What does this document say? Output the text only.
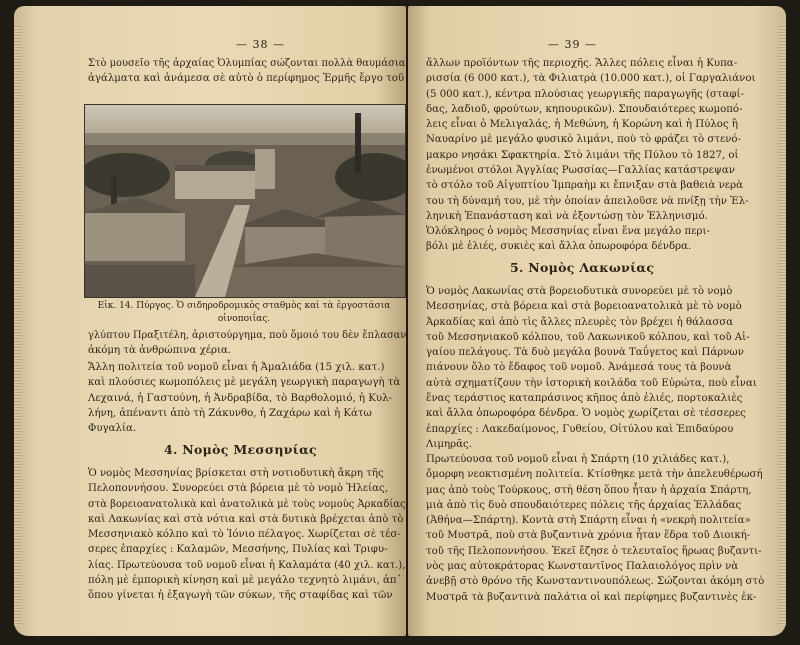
— 38 —
Στὸ μουσεῖο τῆς ἀρχαίας Ὀλυμπίας σώζονται πολλὰ θαυμάσια
ἀγάλματα καὶ ἀνάμεσα σὲ αὐτὸ ὁ περίφημος Ἑρμῆς ἔργο τοῦ
Εἰκ. 14. Πύργος. Ὁ σιδηροδρομικὸς σταθμὸς καὶ τὰ ἐργοστάσια οἰνοποιΐας.
γλύπτου Πραξιτέλη, ἀριστούργημα, ποὺ ὅμοιό του δὲν ἔπλασαν
ἀκόμη τὰ ἀνθρώπινα χέρια.
Ἄλλη πολιτεία τοῦ νομοῦ εἶναι ἡ Ἀμαλιάδα (15 χιλ. κατ.)
καὶ πλούσιες κωμοπόλεις μὲ μεγάλη γεωργικὴ παραγωγὴ τὰ
Λεχαινά, ἡ Γαστούνη, ἡ Ἀνδραβίδα, τὸ Βαρθολομιό, ἡ Κυλ-
λήνη, ἀπέναντι ἀπὸ τὴ Ζάκυνθο, ἡ Ζαχάρω καὶ ἡ Κάτω
Φυγαλία.
4. Νομὸς Μεσσηνίας
Ὁ νομὸς Μεσσηνίας βρίσκεται στὴ νοτιοδυτικὴ ἄκρη τῆς
Πελοποννήσου. Συνορεύει στὰ βόρεια μὲ τὸ νομὸ Ἠλείας,
στὰ βορειοανατολικὰ καὶ ἀνατολικὰ μὲ τοὺς νομοὺς Ἀρκαδίας
καὶ Λακωνίας καὶ στὰ νότια καὶ στὰ δυτικὰ βρέχεται ἀπὸ τὸ
Μεσσηνιακὸ κόλπο καὶ τὸ Ἰόνιο πέλαγος. Χωρίζεται σὲ τέσ-
σερες ἐπαρχίες : Καλαμῶν, Μεσσήνης, Πυλίας καὶ Τριφυ-
λίας. Πρωτεύουσα τοῦ νομοῦ εἶναι ἡ Καλαμάτα (40 χιλ. κατ.),
πόλη μὲ ἐμπορικὴ κίνηση καὶ μὲ μεγάλο τεχνητὸ λιμάνι, ἀπ᾽
ὅπου γίνεται ἡ ἐξαγωγὴ τῶν σύκων, τῆς σταφίδας καὶ τῶν
— 39 —
ἄλλων προϊόντων τῆς περιοχῆς. Ἄλλες πόλεις εἶναι ἡ Κυπα-
ρισσία (6 000 κατ.), τὰ Φιλιατρὰ (10.000 κατ.), οἱ Γαργαλιάνοι
(5 000 κατ.), κέντρα πλούσιας γεωργικῆς παραγωγῆς (σταφί-
δας, λαδιοῦ, φρούτων, κηπουρικῶν). Σπουδαιότερες κωμοπό-
λεις εἶναι ὁ Μελιγαλάς, ἡ Μεθώνη, ἡ Κορώνη καὶ ἡ Πύλος ἢ
Ναυαρίνο μὲ μεγάλο φυσικὸ λιμάνι, ποὺ τὸ φράζει τὸ στενό-
μακρο νησάκι Σφακτηρία. Στὸ λιμάνι τῆς Πύλου τὸ 1827, οἱ
ἑνωμένοι στόλοι Ἀγγλίας Ρωσσίας—Γαλλίας κατάστρεψαν
τὸ στόλο τοῦ Αἰγυπτίου Ἰμπραὴμ κι ἔπνιξαν στὰ βαθειὰ νερὰ
του τὴ δύναμή του, μὲ τὴν ὁποίαν ἀπειλοῦσε νὰ πνίξῃ τὴν Ἑλ-
ληνικὴ Ἐπανάσταση καὶ νὰ ἐξοντώσῃ τὸν Ἑλληνισμό.
Ὁλόκληρος ὁ νομὸς Μεσσηνίας εἶναι ἕνα μεγάλο περι-
βόλι μὲ ἐλιές, συκιὲς καὶ ἄλλα ὀπωροφόρα δένδρα.
5. Νομὸς Λακωνίας
Ὁ νομὸς Λακωνίας στὰ βορειοδυτικὰ συνορεύει μὲ τὸ νομὸ
Μεσσηνίας, στὰ βόρεια καὶ στὰ βορειοανατολικὰ μὲ τὸ νομὸ
Ἀρκαδίας καὶ ἀπὸ τὶς ἄλλες πλευρὲς τὸν βρέχει ἡ θάλασσα
τοῦ Μεσσηνιακοῦ κόλπου, τοῦ Λακωνικοῦ κόλπου, καὶ τοῦ Αἰ-
γαίου πελάγους. Τὰ δυὸ μεγάλα βουνὰ Ταΰγετος καὶ Πάρνων
πιάνουν ὅλο τὸ ἔδαφος τοῦ νομοῦ. Ἀνάμεσά τους τὰ βουνὰ
αὐτὰ σχηματίζουν τὴν ἱστορικὴ κοιλάδα τοῦ Εὐρώτα, ποὺ εἶναι
ἕνας τεράστιος καταπράσινος κῆπος ἀπὸ ἐλιές, πορτοκαλιὲς
καὶ ἄλλα ὀπωροφόρα δένδρα. Ὁ νομὸς χωρίζεται σὲ τέσσερες
ἐπαρχίες : Λακεδαίμονος, Γυθείου, Οἰτύλου καὶ Ἐπιδαύρου
Λιμηρᾶς.
Πρωτεύουσα τοῦ νομοῦ εἶναι ἡ Σπάρτη (10 χιλιάδες κατ.),
ὄμορφη νεοκτισμένη πολιτεία. Κτίσθηκε μετὰ τὴν ἀπελευθέρωσή
μας ἀπὸ τοὺς Τούρκους, στὴ θέση ὅπου ἦταν ἡ ἀρχαία Σπάρτη,
μιὰ ἀπὸ τὶς δυὸ σπουδαιότερες πόλεις τῆς ἀρχαίας Ἑλλάδας
(Ἀθήνα—Σπάρτη). Κοντὰ στὴ Σπάρτη εἶναι ἡ «νεκρὴ πολιτεία»
τοῦ Μυστρᾶ, ποὺ στὰ βυζαντινὰ χρόνια ἦταν ἕδρα τοῦ Διοική-
τοῦ τῆς Πελοποννήσου. Ἐκεῖ ἔζησε ὁ τελευταῖος ἥρωας βυζαντι-
νὸς μας αὐτοκράτορας Κωνσταντῖνος Παλαιολόγος πρὶν νὰ
ἀνεβῇ στὸ θρόνο τῆς Κωνσταντινουπόλεως. Σώζονται ἀκόμη στὸ
Μυστρᾶ τὰ βυζαντινὰ παλάτια οἱ καὶ περίφημες βυζαντινὲς ἐκ-
